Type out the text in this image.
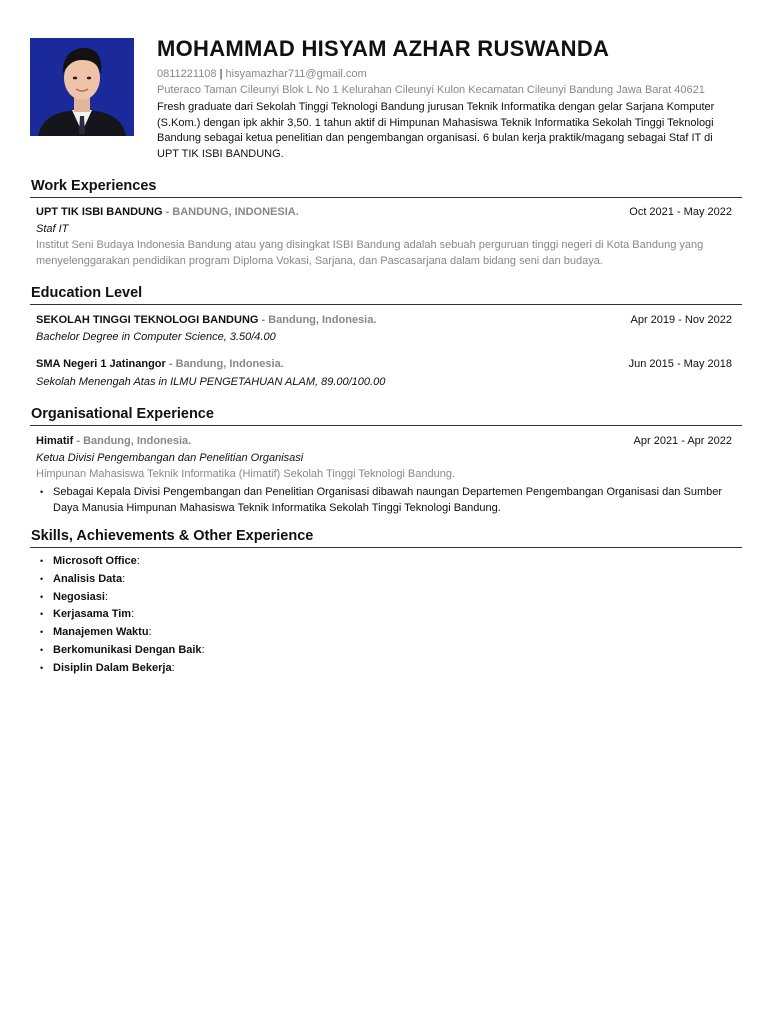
MOHAMMAD HISYAM AZHAR RUSWANDA
0811221108 | hisyamazhar711@gmail.com
Puteraco Taman Cileunyi Blok L No 1 Kelurahan Cileunyi Kulon Kecamatan Cileunyi Bandung Jawa Barat 40621
Fresh graduate dari Sekolah Tinggi Teknologi Bandung jurusan Teknik Informatika dengan gelar Sarjana Komputer (S.Kom.) dengan ipk akhir 3,50. 1 tahun aktif di Himpunan Mahasiswa Teknik Informatika Sekolah Tinggi Teknologi Bandung sebagai ketua penelitian dan pengembangan organisasi. 6 bulan kerja praktik/magang sebagai Staf IT di UPT TIK ISBI BANDUNG.
Work Experiences
UPT TIK ISBI BANDUNG - BANDUNG, INDONESIA.	Oct 2021 - May 2022
Staf IT
Institut Seni Budaya Indonesia Bandung atau yang disingkat ISBI Bandung adalah sebuah perguruan tinggi negeri di Kota Bandung yang menyelenggarakan pendidikan program Diploma Vokasi, Sarjana, dan Pascasarjana dalam bidang seni dan budaya.
Education Level
SEKOLAH TINGGI TEKNOLOGI BANDUNG - Bandung, Indonesia.	Apr 2019 - Nov 2022
Bachelor Degree in Computer Science, 3.50/4.00
SMA Negeri 1 Jatinangor - Bandung, Indonesia.	Jun 2015 - May 2018
Sekolah Menengah Atas in ILMU PENGETAHUAN ALAM, 89.00/100.00
Organisational Experience
Himatif - Bandung, Indonesia.	Apr 2021 - Apr 2022
Ketua Divisi Pengembangan dan Penelitian Organisasi
Himpunan Mahasiswa Teknik Informatika (Himatif) Sekolah Tinggi Teknologi Bandung.
• Sebagai Kepala Divisi Pengembangan dan Penelitian Organisasi dibawah naungan Departemen Pengembangan Organisasi dan Sumber Daya Manusia Himpunan Mahasiswa Teknik Informatika Sekolah Tinggi Teknologi Bandung.
Skills, Achievements & Other Experience
• Microsoft Office:
• Analisis Data:
• Negosiasi:
• Kerjasama Tim:
• Manajemen Waktu:
• Berkomunikasi Dengan Baik:
• Disiplin Dalam Bekerja:
